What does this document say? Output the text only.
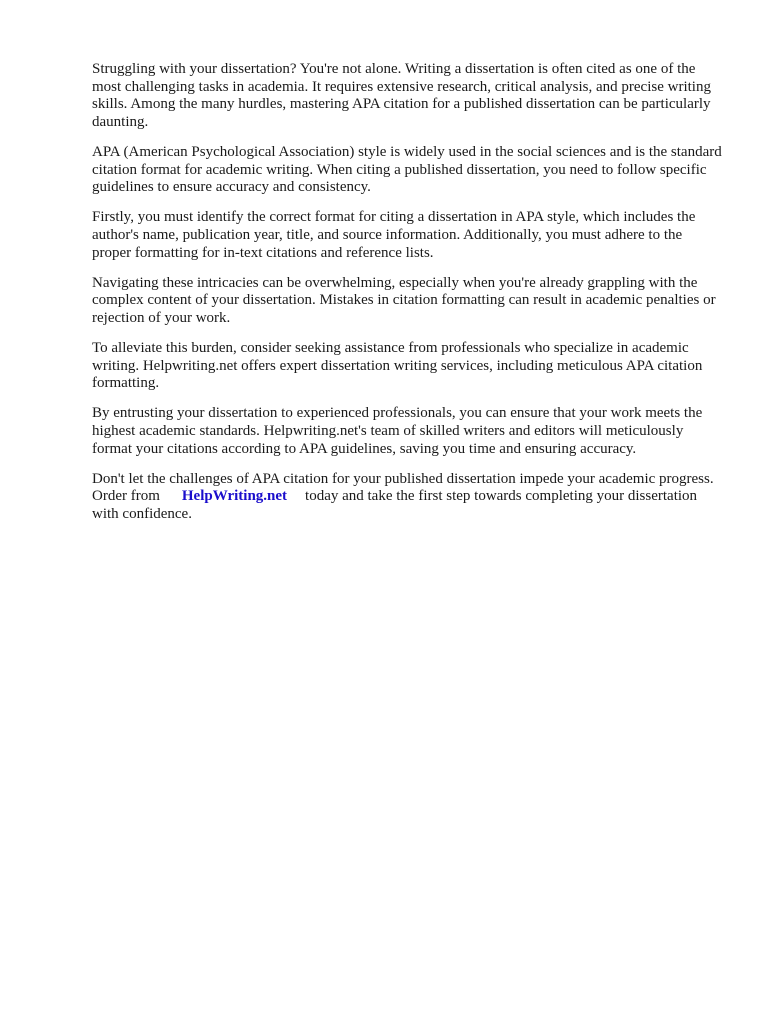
Struggling with your dissertation? You're not alone. Writing a dissertation is often cited as one of the most challenging tasks in academia. It requires extensive research, critical analysis, and precise writing skills. Among the many hurdles, mastering APA citation for a published dissertation can be particularly daunting.

APA (American Psychological Association) style is widely used in the social sciences and is the standard citation format for academic writing. When citing a published dissertation, you need to follow specific guidelines to ensure accuracy and consistency.

Firstly, you must identify the correct format for citing a dissertation in APA style, which includes the author's name, publication year, title, and source information. Additionally, you must adhere to the proper formatting for in-text citations and reference lists.

Navigating these intricacies can be overwhelming, especially when you're already grappling with the complex content of your dissertation. Mistakes in citation formatting can result in academic penalties or rejection of your work.

To alleviate this burden, consider seeking assistance from professionals who specialize in academic writing. Helpwriting.net offers expert dissertation writing services, including meticulous APA citation formatting.

By entrusting your dissertation to experienced professionals, you can ensure that your work meets the highest academic standards. Helpwriting.net's team of skilled writers and editors will meticulously format your citations according to APA guidelines, saving you time and ensuring accuracy.

Don't let the challenges of APA citation for your published dissertation impede your academic progress. Order from HelpWriting.net today and take the first step towards completing your dissertation with confidence.
